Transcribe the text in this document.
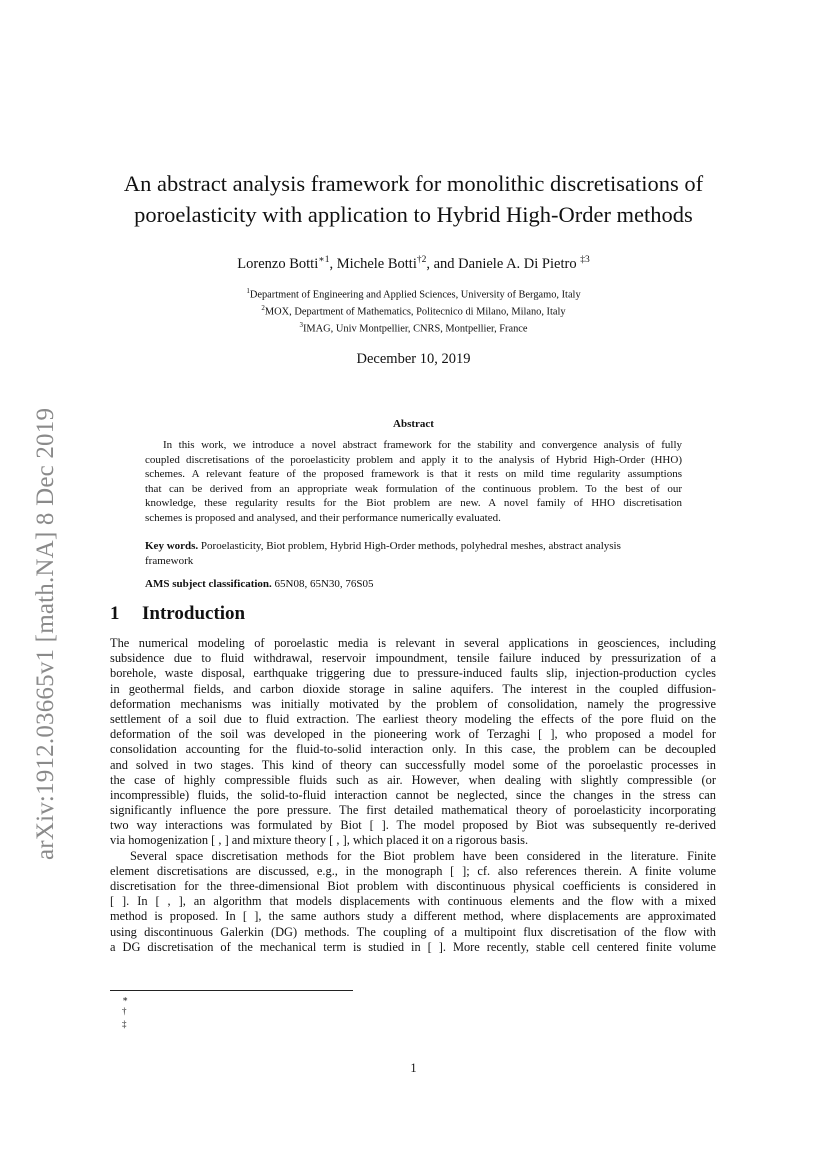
arXiv:1912.03665v1 [math.NA] 8 Dec 2019
An abstract analysis framework for monolithic discretisations of
poroelasticity with application to Hybrid High-Order methods
Lorenzo Botti$^{∗1}$, Michele Botti$^{\dagger 2}$, and Daniele A. Di Pietro $^{\ddagger 3}$
$^1$Department of Engineering and Applied Sciences, University of Bergamo, Italy
$^2$MOX, Department of Mathematics, Politecnico di Milano, Milano, Italy
$^3$IMAG, Univ Montpellier, CNRS, Montpellier, France
December 10, 2019
Abstract
In this work, we introduce a novel abstract framework for the stability and convergence analysis of fully
coupled discretisations of the poroelasticity problem and apply it to the analysis of Hybrid High-Order (HHO)
schemes. A relevant feature of the proposed framework is that it rests on mild time regularity assumptions
that can be derived from an appropriate weak formulation of the continuous problem. To the best of our
knowledge, these regularity results for the Biot problem are new. A novel family of HHO discretisation
schemes is proposed and analysed, and their performance numerically evaluated.
Key words. Poroelasticity, Biot problem, Hybrid High-Order methods, polyhedral meshes, abstract analysis
framework
AMS subject classification. 65N08, 65N30, 76S05
1 Introduction
The numerical modeling of poroelastic media is relevant in several applications in geosciences, including
subsidence due to fluid withdrawal, reservoir impoundment, tensile failure induced by pressurization of a
borehole, waste disposal, earthquake triggering due to pressure-induced faults slip, injection-production cycles
in geothermal fields, and carbon dioxide storage in saline aquifers. The interest in the coupled diffusion-
deformation mechanisms was initially motivated by the problem of consolidation, namely the progressive
settlement of a soil due to fluid extraction. The earliest theory modeling the effects of the pore fluid on the
deformation of the soil was developed in the pioneering work of Terzaghi [ ], who proposed a model for
consolidation accounting for the fluid-to-solid interaction only. In this case, the problem can be decoupled
and solved in two stages. This kind of theory can successfully model some of the poroelastic processes in
the case of highly compressible fluids such as air. However, when dealing with slightly compressible (or
incompressible) fluids, the solid-to-fluid interaction cannot be neglected, since the changes in the stress can
significantly influence the pore pressure. The first detailed mathematical theory of poroelasticity incorporating
two way interactions was formulated by Biot [ ]. The model proposed by Biot was subsequently re-derived
via homogenization [ , ] and mixture theory [ , ], which placed it on a rigorous basis.
Several space discretisation methods for the Biot problem have been considered in the literature. Finite
element discretisations are discussed, e.g., in the monograph [ ]; cf. also references therein. A finite volume
discretisation for the three-dimensional Biot problem with discontinuous physical coefficients is considered in
[ ]. In [ , ], an algorithm that models displacements with continuous elements and the flow with a mixed
method is proposed. In [ ], the same authors study a different method, where displacements are approximated
using discontinuous Galerkin (DG) methods. The coupling of a multipoint flux discretisation of the flow with
a DG discretisation of the mechanical term is studied in [ ]. More recently, stable cell centered finite volume
∗
†
‡
1
